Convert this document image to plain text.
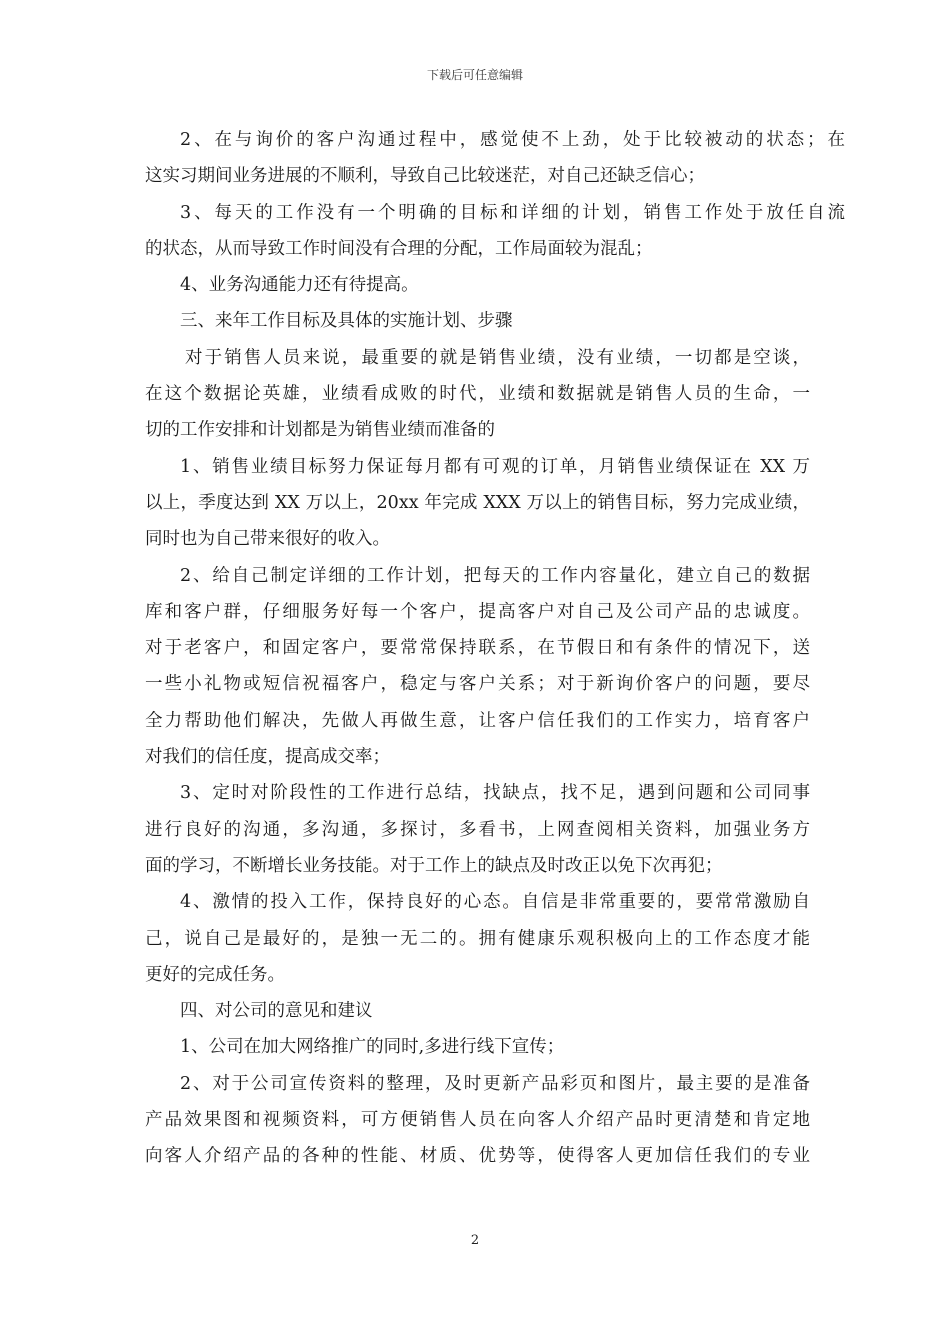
下载后可任意编辑
2、在与询价的客户沟通过程中，感觉使不上劲，处于比较被动的状态；在
这实习期间业务进展的不顺利，导致自己比较迷茫，对自己还缺乏信心；
3、每天的工作没有一个明确的目标和详细的计划，销售工作处于放任自流
的状态，从而导致工作时间没有合理的分配，工作局面较为混乱；
4、业务沟通能力还有待提高。
三、来年工作目标及具体的实施计划、步骤
对于销售人员来说，最重要的就是销售业绩，没有业绩，一切都是空谈，
在这个数据论英雄，业绩看成败的时代，业绩和数据就是销售人员的生命，一
切的工作安排和计划都是为销售业绩而准备的
1、销售业绩目标努力保证每月都有可观的订单，月销售业绩保证在 XX 万
以上，季度达到 XX 万以上，20xx 年完成 XXX 万以上的销售目标，努力完成业绩，
同时也为自己带来很好的收入。
2、给自己制定详细的工作计划，把每天的工作内容量化，建立自己的数据
库和客户群，仔细服务好每一个客户，提高客户对自己及公司产品的忠诚度。
对于老客户，和固定客户，要常常保持联系，在节假日和有条件的情况下，送
一些小礼物或短信祝福客户，稳定与客户关系；对于新询价客户的问题，要尽
全力帮助他们解决，先做人再做生意，让客户信任我们的工作实力，培育客户
对我们的信任度，提高成交率；
3、定时对阶段性的工作进行总结，找缺点，找不足，遇到问题和公司同事
进行良好的沟通，多沟通，多探讨，多看书，上网查阅相关资料，加强业务方
面的学习，不断增长业务技能。对于工作上的缺点及时改正以免下次再犯；
4、激情的投入工作，保持良好的心态。自信是非常重要的，要常常激励自
己，说自己是最好的，是独一无二的。拥有健康乐观积极向上的工作态度才能
更好的完成任务。
四、对公司的意见和建议
1、公司在加大网络推广的同时,多进行线下宣传；
2、对于公司宣传资料的整理，及时更新产品彩页和图片，最主要的是准备
产品效果图和视频资料，可方便销售人员在向客人介绍产品时更清楚和肯定地
向客人介绍产品的各种的性能、材质、优势等，使得客人更加信任我们的专业
2
